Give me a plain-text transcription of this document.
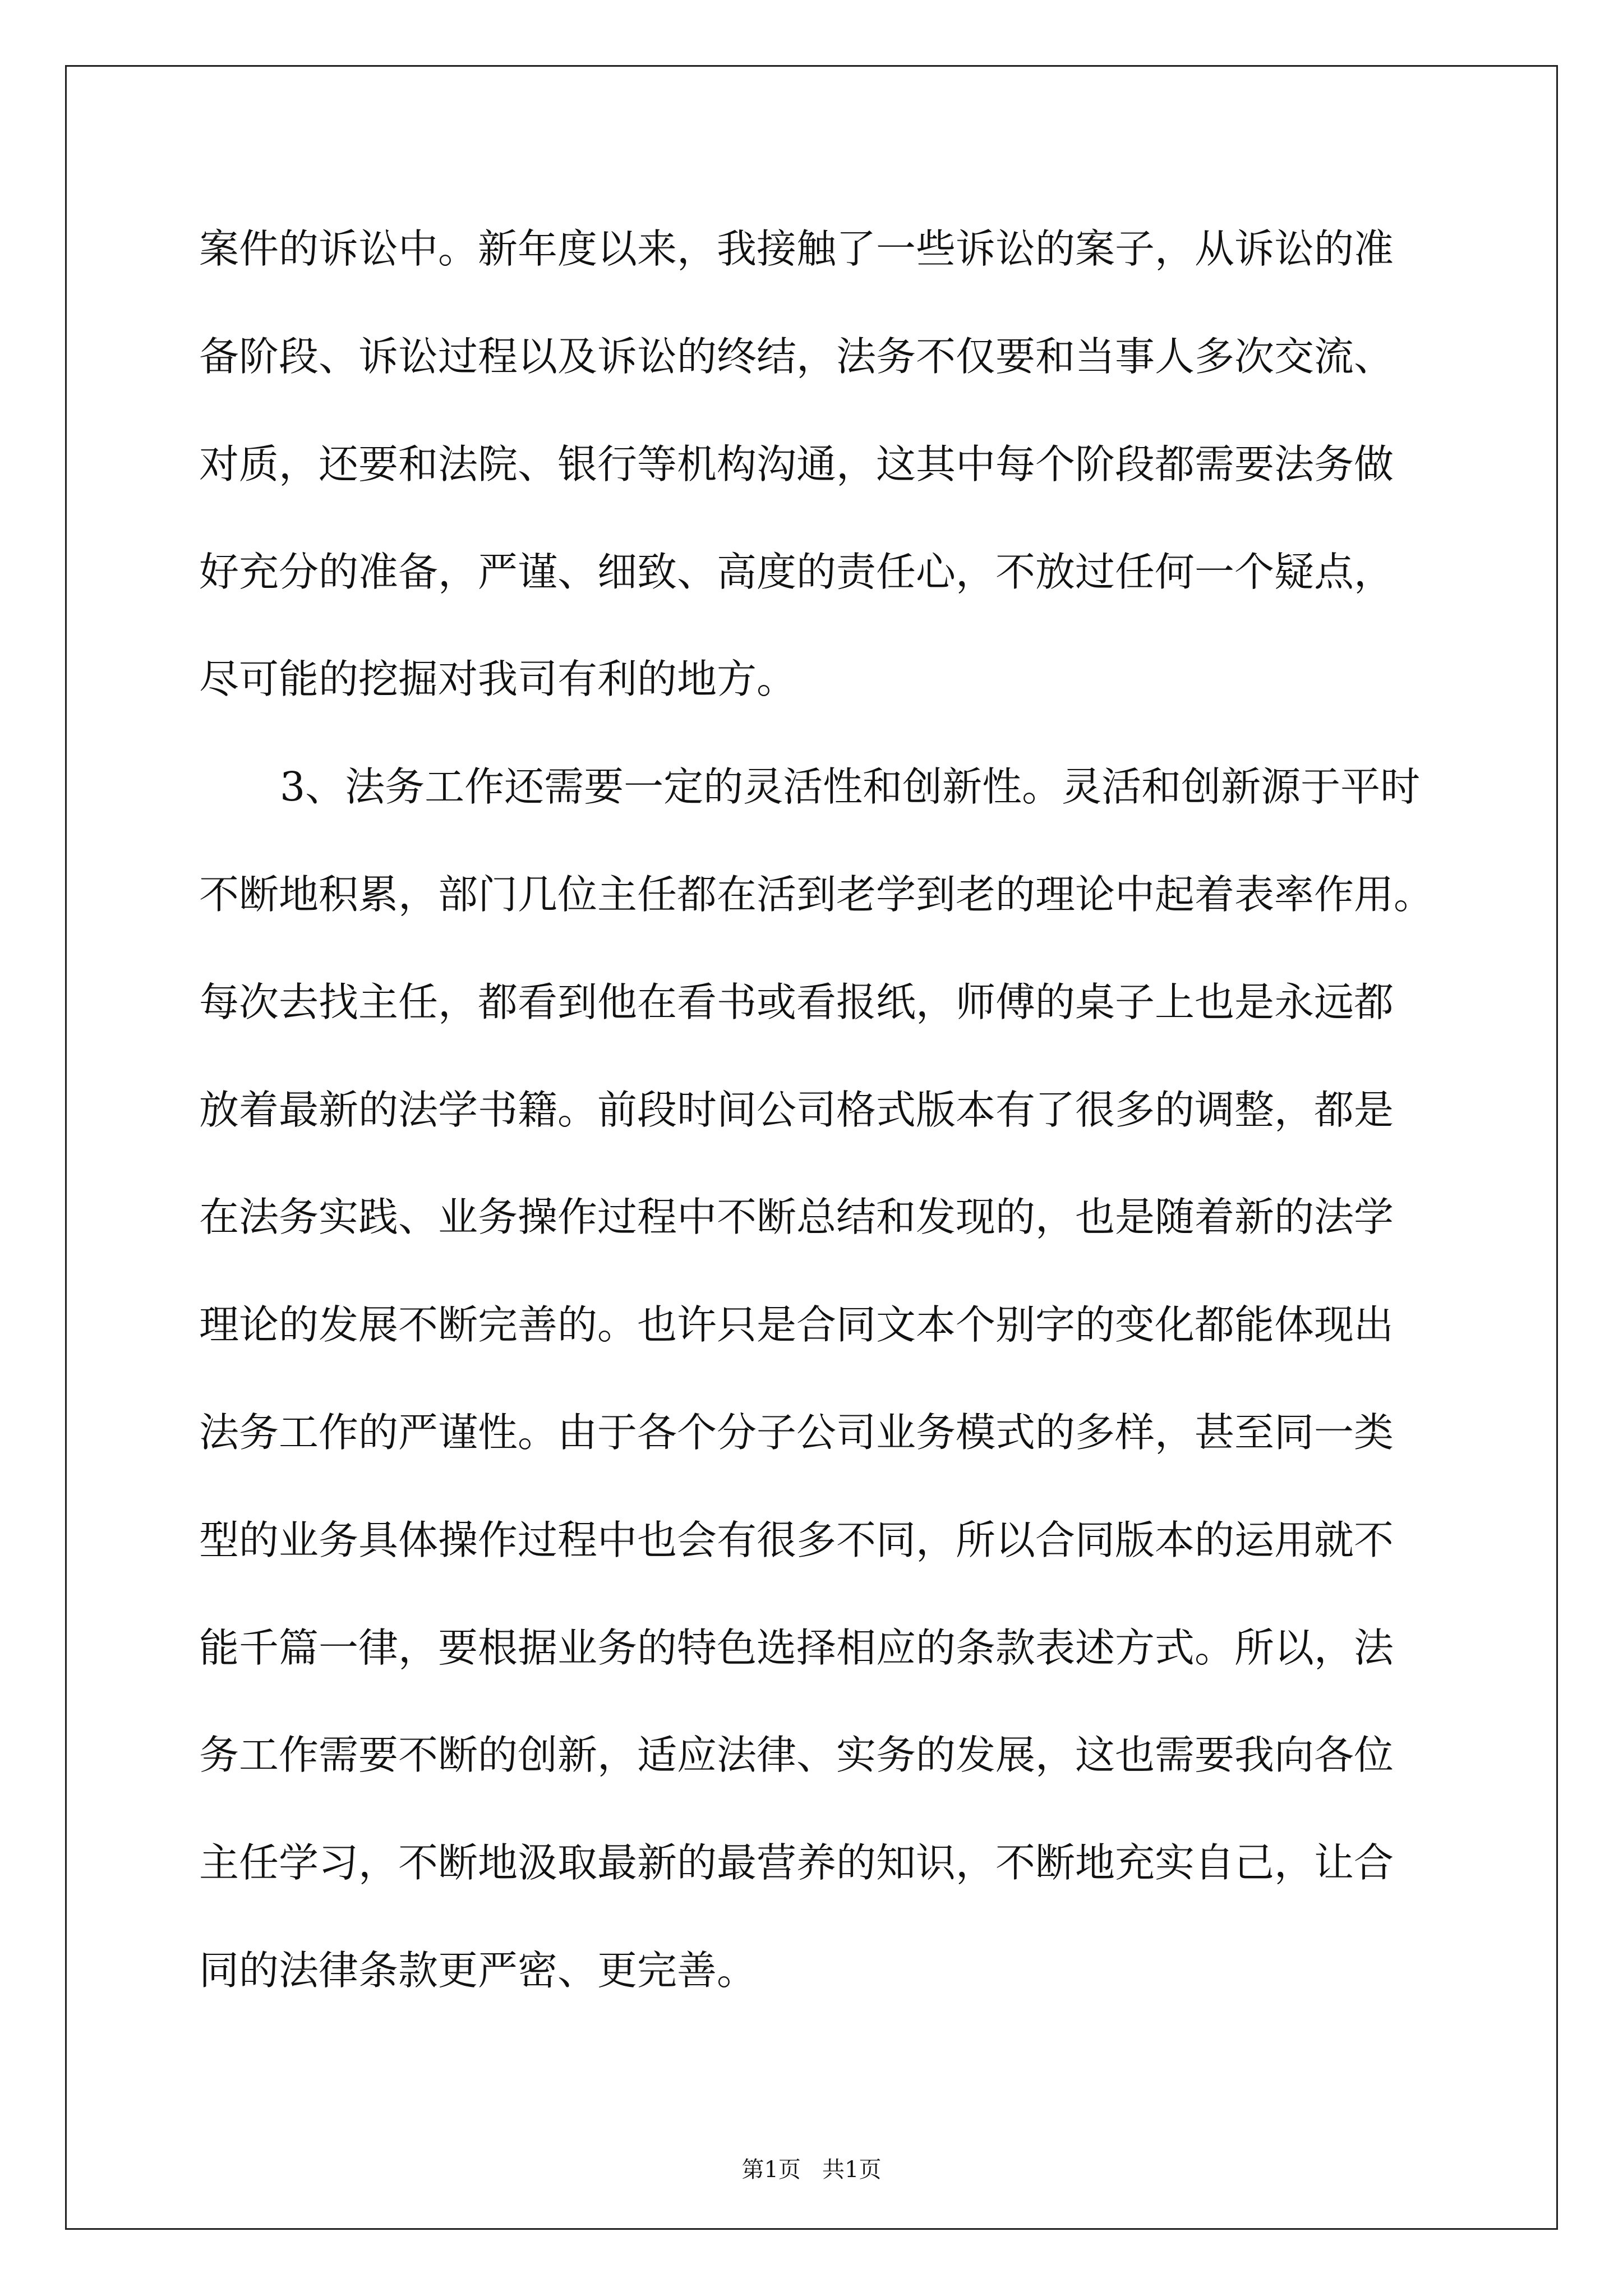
案件的诉讼中。新年度以来，我接触了一些诉讼的案子，从诉讼的准
备阶段、诉讼过程以及诉讼的终结，法务不仅要和当事人多次交流、
对质，还要和法院、银行等机构沟通，这其中每个阶段都需要法务做
好充分的准备，严谨、细致、高度的责任心，不放过任何一个疑点，
尽可能的挖掘对我司有利的地方。
3、法务工作还需要一定的灵活性和创新性。灵活和创新源于平时
不断地积累，部门几位主任都在活到老学到老的理论中起着表率作用。
每次去找主任，都看到他在看书或看报纸，师傅的桌子上也是永远都
放着最新的法学书籍。前段时间公司格式版本有了很多的调整，都是
在法务实践、业务操作过程中不断总结和发现的，也是随着新的法学
理论的发展不断完善的。也许只是合同文本个别字的变化都能体现出
法务工作的严谨性。由于各个分子公司业务模式的多样，甚至同一类
型的业务具体操作过程中也会有很多不同，所以合同版本的运用就不
能千篇一律，要根据业务的特色选择相应的条款表述方式。所以，法
务工作需要不断的创新，适应法律、实务的发展，这也需要我向各位
主任学习，不断地汲取最新的最营养的知识，不断地充实自己，让合
同的法律条款更严密、更完善。
第1页   共1页
